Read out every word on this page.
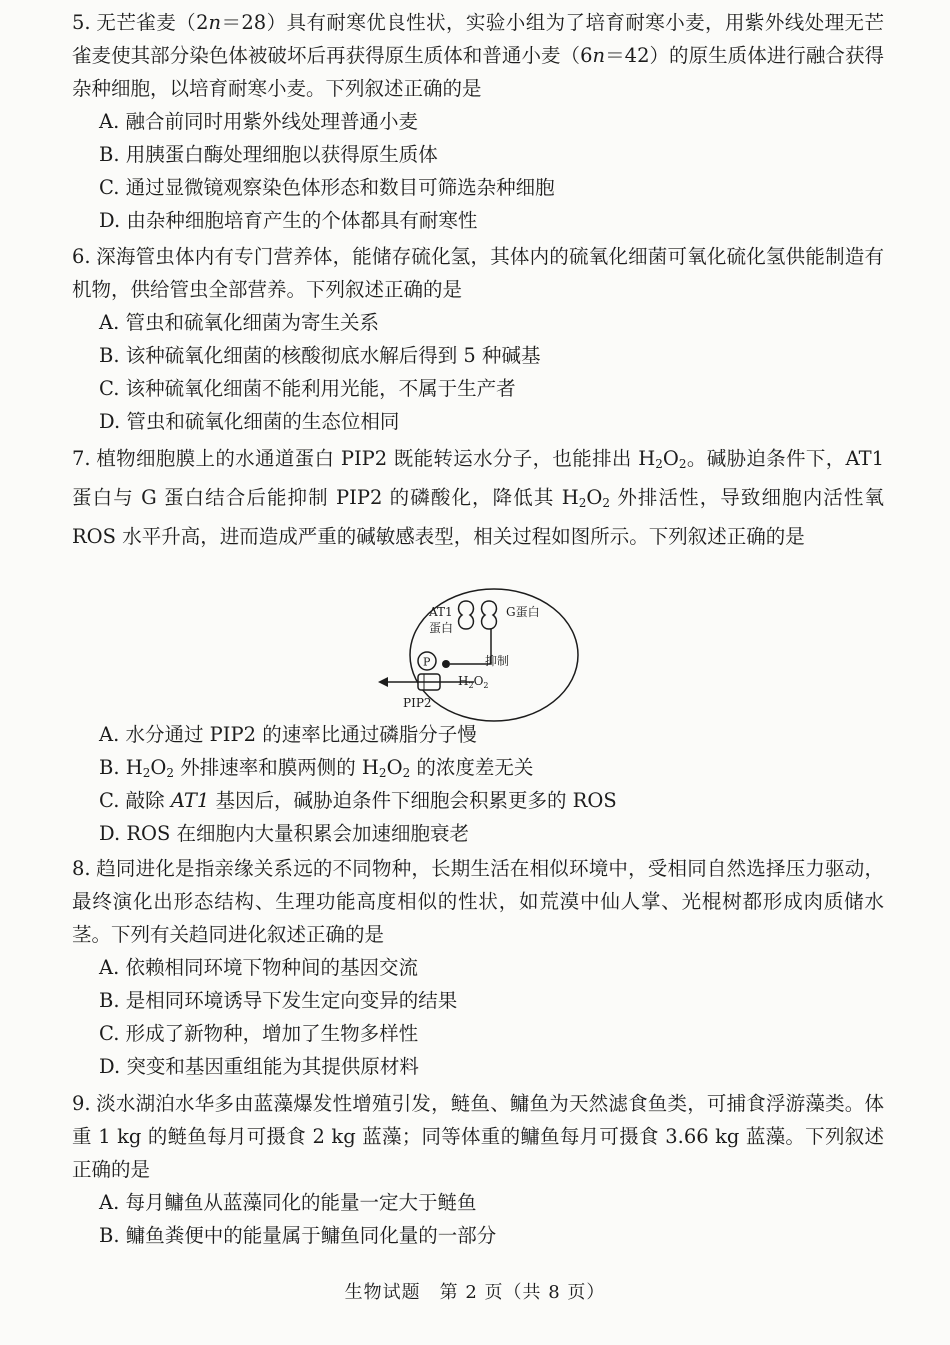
5. 无芒雀麦（2n＝28）具有耐寒优良性状，实验小组为了培育耐寒小麦，用紫外线处理无芒雀麦使其部分染色体被破坏后再获得原生质体和普通小麦（6n＝42）的原生质体进行融合获得杂种细胞，以培育耐寒小麦。下列叙述正确的是

A. 融合前同时用紫外线处理普通小麦

B. 用胰蛋白酶处理细胞以获得原生质体

C. 通过显微镜观察染色体形态和数目可筛选杂种细胞

D. 由杂种细胞培育产生的个体都具有耐寒性

6. 深海管虫体内有专门营养体，能储存硫化氢，其体内的硫氧化细菌可氧化硫化氢供能制造有机物，供给管虫全部营养。下列叙述正确的是

A. 管虫和硫氧化细菌为寄生关系

B. 该种硫氧化细菌的核酸彻底水解后得到 5 种碱基

C. 该种硫氧化细菌不能利用光能，不属于生产者

D. 管虫和硫氧化细菌的生态位相同

7. 植物细胞膜上的水通道蛋白 PIP2 既能转运水分子，也能排出 $H_2O_2$。碱胁迫条件下，AT1 蛋白与 G 蛋白结合后能抑制 PIP2 的磷酸化，降低其 $H_2O_2$ 外排活性，导致细胞内活性氧 ROS 水平升高，进而造成严重的碱敏感表型，相关过程如图所示。下列叙述正确的是

AT1
蛋白
G蛋白
抑制
P
$H_2O_2$
PIP2

A. 水分通过 PIP2 的速率比通过磷脂分子慢

B. $H_2O_2$ 外排速率和膜两侧的 $H_2O_2$ 的浓度差无关

C. 敲除 AT1 基因后，碱胁迫条件下细胞会积累更多的 ROS

D. ROS 在细胞内大量积累会加速细胞衰老

8. 趋同进化是指亲缘关系远的不同物种，长期生活在相似环境中，受相同自然选择压力驱动，最终演化出形态结构、生理功能高度相似的性状，如荒漠中仙人掌、光棍树都形成肉质储水茎。下列有关趋同进化叙述正确的是

A. 依赖相同环境下物种间的基因交流

B. 是相同环境诱导下发生定向变异的结果

C. 形成了新物种，增加了生物多样性

D. 突变和基因重组能为其提供原材料

9. 淡水湖泊水华多由蓝藻爆发性增殖引发，鲢鱼、鳙鱼为天然滤食鱼类，可捕食浮游藻类。体重 1 kg 的鲢鱼每月可摄食 2 kg 蓝藻；同等体重的鳙鱼每月可摄食 3.66 kg 蓝藻。下列叙述正确的是

A. 每月鳙鱼从蓝藻同化的能量一定大于鲢鱼

B. 鳙鱼粪便中的能量属于鳙鱼同化量的一部分

生物试题　第 2 页（共 8 页）
